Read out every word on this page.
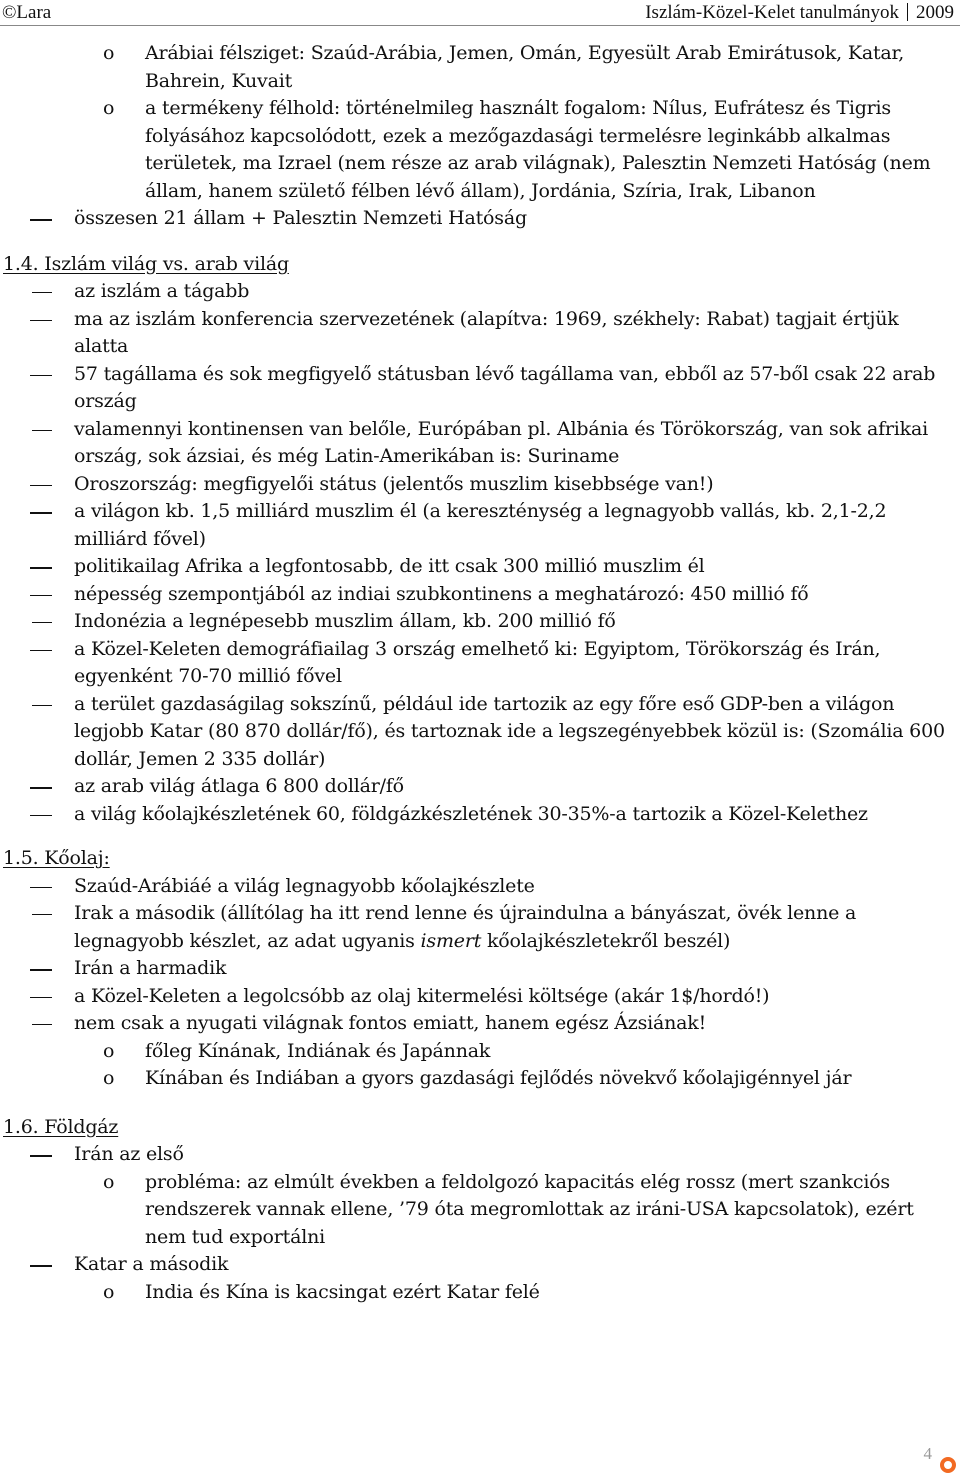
©Lara	Iszlám-Közel-Kelet tanulmányok 2009

o Arábiai félsziget: Szaúd-Arábia, Jemen, Omán, Egyesült Arab Emirátusok, Katar, Bahrein, Kuvait

o a termékeny félhold: történelmileg használt fogalom: Nílus, Eufrátesz és Tigris folyásához kapcsolódott, ezek a mezőgazdasági termelésre leginkább alkalmas területek, ma Izrael (nem része az arab világnak), Palesztin Nemzeti Hatóság (nem állam, hanem születő félben lévő állam), Jordánia, Szíria, Irak, Libanon

összesen 21 állam + Palesztin Nemzeti Hatóság

1.4. Iszlám világ vs. arab világ

az iszlám a tágabb

ma az iszlám konferencia szervezetének (alapítva: 1969, székhely: Rabat) tagjait értjük alatta

57 tagállama és sok megfigyelő státusban lévő tagállama van, ebből az 57-ből csak 22 arab ország

valamennyi kontinensen van belőle, Európában pl. Albánia és Törökország, van sok afrikai ország, sok ázsiai, és még Latin-Amerikában is: Suriname

Oroszország: megfigyelői státus (jelentős muszlim kisebbsége van!)

a világon kb. 1,5 milliárd muszlim él (a kereszténység a legnagyobb vallás, kb. 2,1-2,2 milliárd fővel)

politikailag Afrika a legfontosabb, de itt csak 300 millió muszlim él

népesség szempontjából az indiai szubkontinens a meghatározó: 450 millió fő

Indonézia a legnépesebb muszlim állam, kb. 200 millió fő

a Közel-Keleten demográfiailag 3 ország emelhető ki: Egyiptom, Törökország és Irán, egyenként 70-70 millió fővel

a terület gazdaságilag sokszínű, például ide tartozik az egy főre eső GDP-ben a világon legjobb Katar (80 870 dollár/fő), és tartoznak ide a legszegényebbek közül is: (Szomália 600 dollár, Jemen 2 335 dollár)

az arab világ átlaga 6 800 dollár/fő

a világ kőolajkészletének 60, földgázkészletének 30-35%-a tartozik a Közel-Kelethez

1.5. Kőolaj:

Szaúd-Arábiáé a világ legnagyobb kőolajkészlete

Irak a második (állítólag ha itt rend lenne és újraindulna a bányászat, övék lenne a legnagyobb készlet, az adat ugyanis ismert kőolajkészletekről beszél)

Irán a harmadik

a Közel-Keleten a legolcsóbb az olaj kitermelési költsége (akár 1$/hordó!)

nem csak a nyugati világnak fontos emiatt, hanem egész Ázsiának!

o főleg Kínának, Indiának és Japánnak

o Kínában és Indiában a gyors gazdasági fejlődés növekvő kőolajigénnyel jár

1.6. Földgáz

Irán az első

o probléma: az elmúlt években a feldolgozó kapacitás elég rossz (mert szankciós rendszerek vannak ellene, ’79 óta megromlottak az iráni-USA kapcsolatok), ezért nem tud exportálni

Katar a második

o India és Kína is kacsingat ezért Katar felé

4
